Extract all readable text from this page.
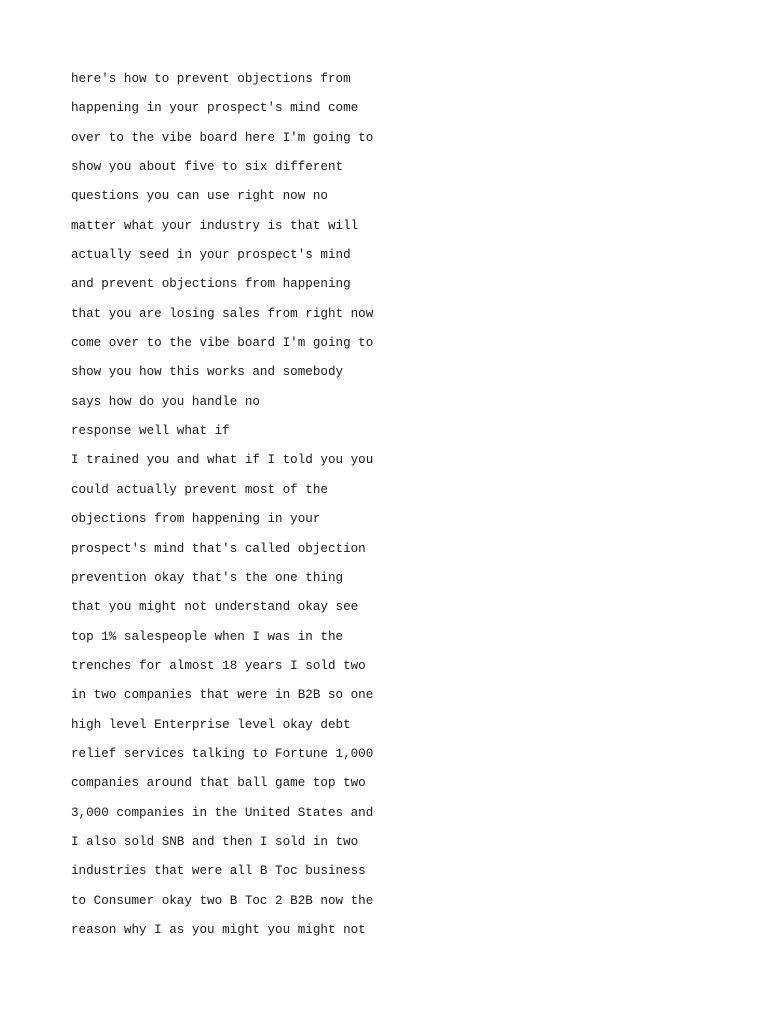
here's how to prevent objections from
happening in your prospect's mind come
over to the vibe board here I'm going to
show you about five to six different
questions you can use right now no
matter what your industry is that will
actually seed in your prospect's mind
and prevent objections from happening
that you are losing sales from right now
come over to the vibe board I'm going to
show you how this works and somebody
says how do you handle no
response well what if
I trained you and what if I told you you
could actually prevent most of the
objections from happening in your
prospect's mind that's called objection
prevention okay that's the one thing
that you might not understand okay see
top 1% salespeople when I was in the
trenches for almost 18 years I sold two
in two companies that were in B2B so one
high level Enterprise level okay debt
relief services talking to Fortune 1,000
companies around that ball game top two
3,000 companies in the United States and
I also sold SNB and then I sold in two
industries that were all B Toc business
to Consumer okay two B Toc 2 B2B now the
reason why I as you might you might not
